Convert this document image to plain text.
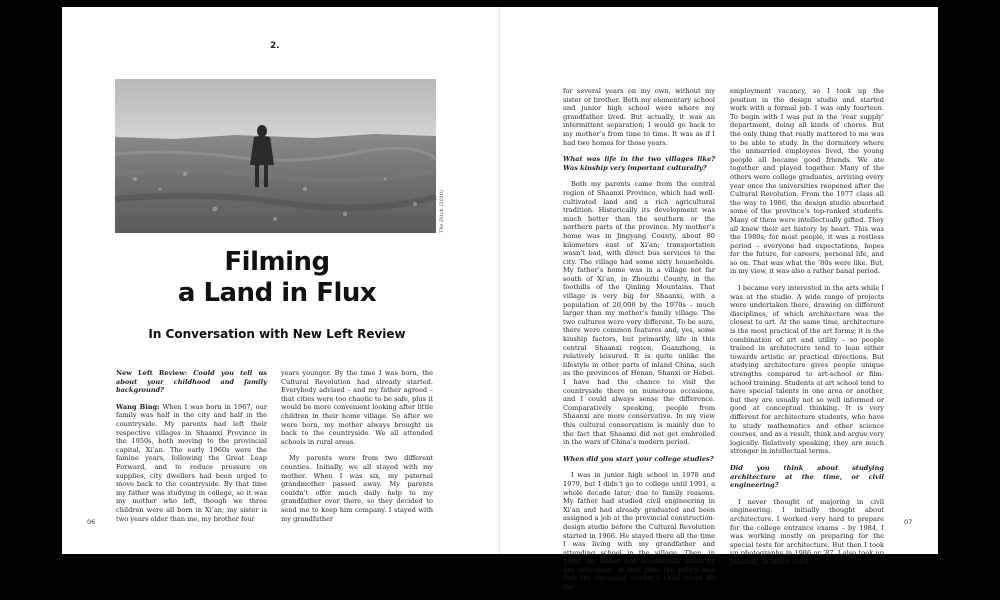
2.
The Ditch (2010)
Filming
a Land in Flux
In Conversation with New Left Review

New Left Review: Could you tell us about your childhood and family background?

Wang Bing: When I was born in 1967, our family was half in the city and half in the countryside. My parents had left their respective villages in Shaanxi Province in the 1950s, both moving to the provincial capital, Xi’an. The early 1960s were the famine years, following the Great Leap Forward, and to reduce pressure on supplies, city dwellers had been urged to move back to the countryside. By that time my father was studying in college, so it was my mother who left, though we three children were all born in Xi’an; my sister is two years older than me, my brother four

years younger. By the time I was born, the Cultural Revolution had already started. Everybody advised – and my father agreed – that cities were too chaotic to be safe, plus it would be more convenient looking after little children in their home village. So after we were born, my mother always brought us back to the countryside. We all attended schools in rural areas.

My parents were from two different counties. Initially, we all stayed with my mother. When I was six, my paternal grandmother passed away. My parents couldn’t offer much daily help to my grandfather over there, so they decided to send me to keep him company. I stayed with my grandfather

06

for several years on my own, without my sister or brother. Both my elementary school and junior high school were where my grandfather lived. But actually, it was an intermittent separation; I would go back to my mother’s from time to time. It was as if I had two homes for those years.

What was life in the two villages like? Was kinship very important culturally?

Both my parents came from the central region of Shaanxi Province, which had well-cultivated land and a rich agricultural tradition. Historically its development was much better than the southern or the northern parts of the province. My mother’s home was in Jingyang County, about 80 kilometers east of Xi’an; transportation wasn’t bad, with direct bus services to the city. The village had some sixty households. My father’s home was in a village not far south of Xi’an, in Zhouzhi County, in the foothills of the Qinling Mountains. That village is very big for Shaanxi, with a population of 20,000 by the 1970s – much larger than my mother’s family village. The two cultures were very different. To be sure, there were common features and, yes, some kinship factors, but primarily, life in this central Shaanxi region, Guanzhong, is relatively leisured. It is quite unlike the lifestyle in other parts of inland China, such as the provinces of Henan, Shanxi or Hebei. I have had the chance to visit the countryside there on numerous occasions, and I could always sense the difference. Comparatively speaking, people from Shaanxi are more conservative. In my view this cultural conservatism is mainly due to the fact that Shaanxi did not get embroiled in the wars of China’s modern period.

When did you start your college studies?

I was in junior high school in 1978 and 1979, but I didn’t go to college until 1991, a whole decade later, due to family reasons. My father had studied civil engineering in Xi’an and had already graduated and been assigned a job at the provincial construction-design studio before the Cultural Revolution started in 1966. He stayed there all the time I was living with my grandfather and attending school in the village. Then, in 1981, my father was accidentally killed by gas poisoning. At that time the policy was that the deceased worker’s child could fill the

employment vacancy, so I took up the position in the design studio and started work with a formal job. I was only fourteen. To begin with I was put in the ‘rear supply’ department, doing all kinds of chores. But the only thing that really mattered to me was to be able to study. In the dormitory where the unmarried employees lived, the young people all became good friends. We ate together and played together. Many of the others were college graduates, arriving every year once the universities reopened after the Cultural Revolution. From the 1977 class all the way to 1986, the design studio absorbed some of the province’s top-ranked students. Many of them were intellectually gifted. They all knew their art history by heart. This was the 1980s; for most people, it was a restless period – everyone had expectations, hopes for the future, for careers, personal life, and so on. That was what the ’80s were like. But, in my view, it was also a rather banal period.

I became very interested in the arts while I was at the studio. A wide range of projects were undertaken there, drawing on different disciplines, of which architecture was the closest to art. At the same time, architecture is the most practical of the art forms; it is the combination of art and utility – so people trained in architecture tend to lean either towards artistic or practical directions. But studying architecture gives people unique strengths compared to art-school or film-school training. Students at art school tend to have special talents in one area or another, but they are usually not so well informed or good at conceptual thinking. It is very different for architecture students, who have to study mathematics and other science courses, and as a result, think and argue very logically. Relatively speaking, they are much stronger in intellectual terms.

Did you think about studying architecture at the time, or civil engineering?

I never thought of majoring in civil engineering. I initially thought about architecture. I worked very hard to prepare for the college entrance exams – by 1984, I was working mostly on preparing for the special tests for architecture. But then I took up photography in 1986 or ’87. I also took up painting, in about 1988.

07
